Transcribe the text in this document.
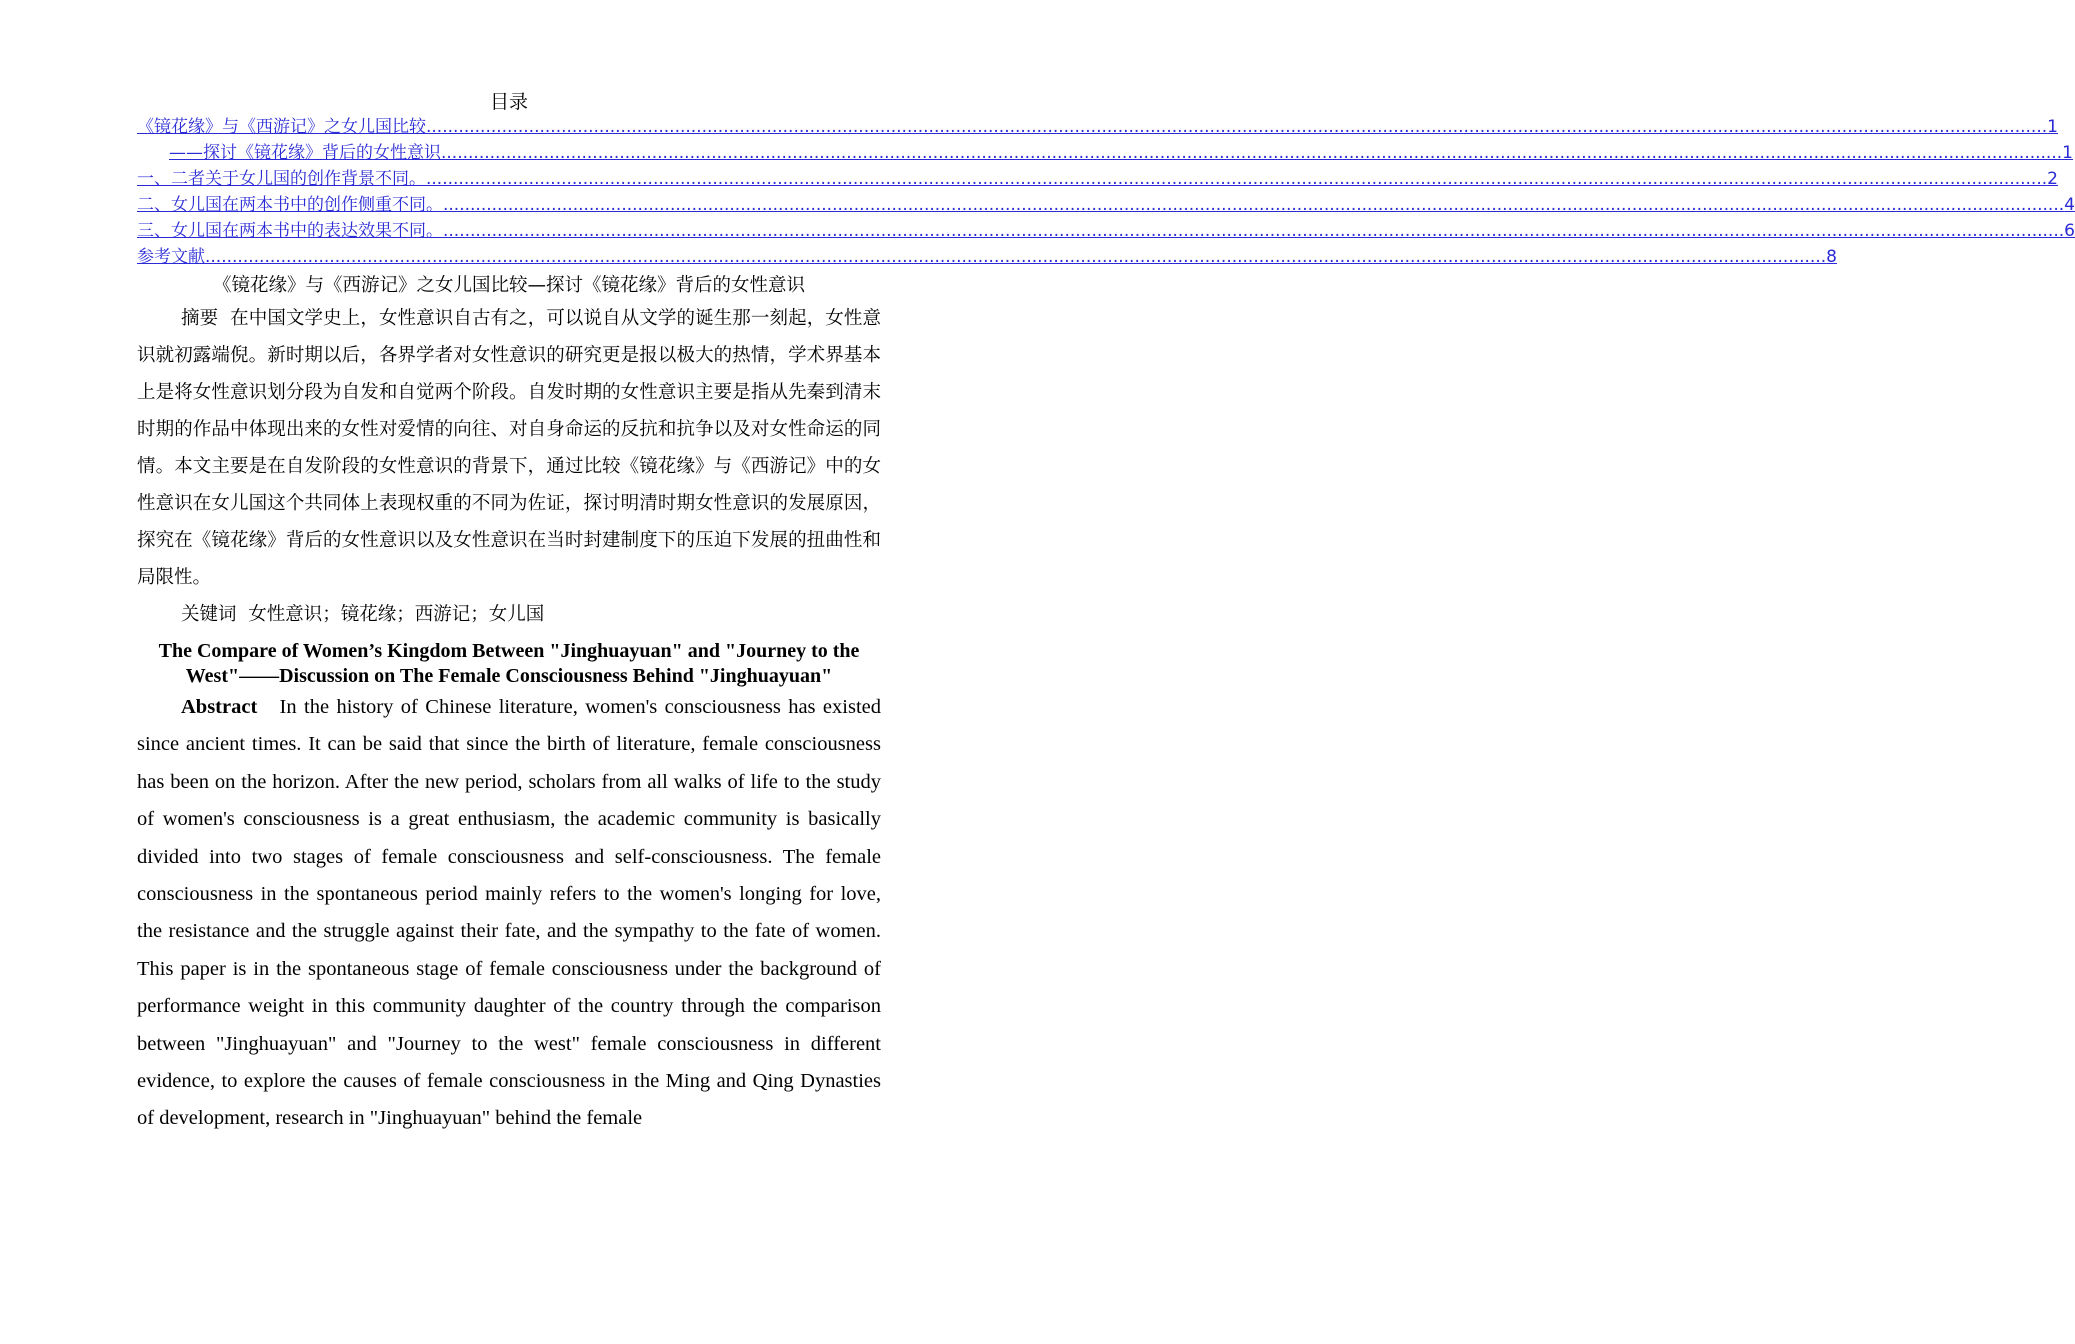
目录
《镜花缘》与《西游记》之女儿国比较 ............................................................................................................................................................................................................................................................................................................ 1
——探讨《镜花缘》背后的女性意识 ............................................................................................................................................................................................................................................................................................................ 1
一、二者关于女儿国的创作背景不同。 ............................................................................................................................................................................................................................................................................................................ 2
二、女儿国在两本书中的创作侧重不同。 ............................................................................................................................................................................................................................................................................................................ 4
三、女儿国在两本书中的表达效果不同。 ............................................................................................................................................................................................................................................................................................................ 6
参考文献 ............................................................................................................................................................................................................................................................................................................ 8
《镜花缘》与《西游记》之女儿国比较—探讨《镜花缘》背后的女性意识

摘要 在中国文学史上，女性意识自古有之，可以说自从文学的诞生那一刻起，女性意识就初露端倪。新时期以后，各界学者对女性意识的研究更是报以极大的热情，学术界基本上是将女性意识划分段为自发和自觉两个阶段。自发时期的女性意识主要是指从先秦到清末时期的作品中体现出来的女性对爱情的向往、对自身命运的反抗和抗争以及对女性命运的同情。本文主要是在自发阶段的女性意识的背景下，通过比较《镜花缘》与《西游记》中的女性意识在女儿国这个共同体上表现权重的不同为佐证，探讨明清时期女性意识的发展原因，探究在《镜花缘》背后的女性意识以及女性意识在当时封建制度下的压迫下发展的扭曲性和局限性。

关键词 女性意识；镜花缘；西游记；女儿国

The Compare of Women’s Kingdom Between "Jinghuayuan" and "Journey to the West"——Discussion on The Female Consciousness Behind "Jinghuayuan"

Abstract In the history of Chinese literature, women's consciousness has existed since ancient times. It can be said that since the birth of literature, female consciousness has been on the horizon. After the new period, scholars from all walks of life to the study of women's consciousness is a great enthusiasm, the academic community is basically divided into two stages of female consciousness and self-consciousness. The female consciousness in the spontaneous period mainly refers to the women's longing for love, the resistance and the struggle against their fate, and the sympathy to the fate of women. This paper is in the spontaneous stage of female consciousness under the background of performance weight in this community daughter of the country through the comparison between "Jinghuayuan" and "Journey to the west" female consciousness in different evidence, to explore the causes of female consciousness in the Ming and Qing Dynasties of development, research in "Jinghuayuan" behind the female
